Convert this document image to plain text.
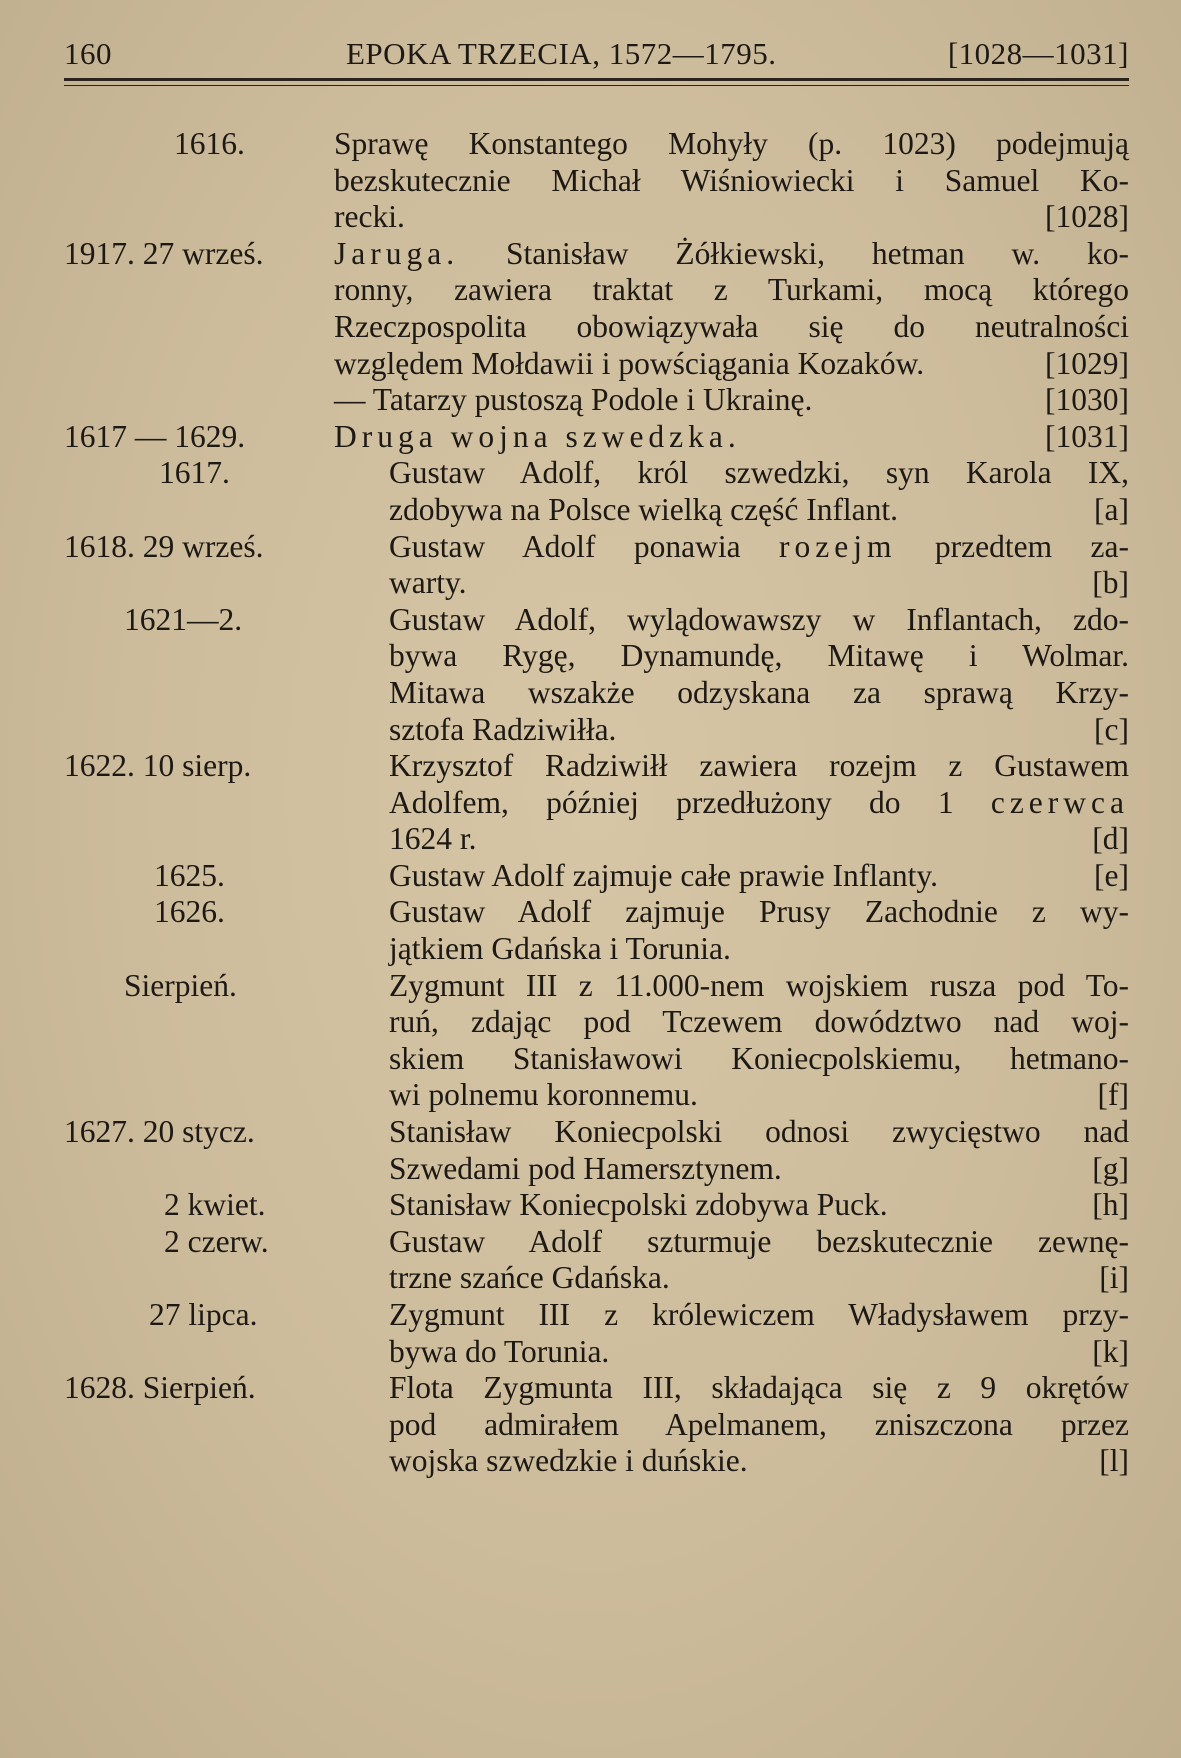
160	EPOKA TRZECIA, 1572—1795.	[1028—1031]
1616.	Sprawę Konstantego Mohyły (p. 1023) podejmują
bezskutecznie Michał Wiśniowiecki i Samuel Ko-
recki.	[1028]
1917. 27 wrześ.	Jaruga. Stanisław Żółkiewski, hetman w. ko-
ronny, zawiera traktat z Turkami, mocą którego
Rzeczpospolita obowiązywała się do neutralności
względem Mołdawii i powściągania Kozaków.	[1029]
— Tatarzy pustoszą Podole i Ukrainę.	[1030]
1617 — 1629.	Druga wojna szwedzka.	[1031]
1617.	Gustaw Adolf, król szwedzki, syn Karola IX,
zdobywa na Polsce wielką część Inflant.	[a]
1618. 29 wrześ.	Gustaw Adolf ponawia rozejm przedtem za-
warty.	[b]
1621—2.	Gustaw Adolf, wylądowawszy w Inflantach, zdo-
bywa Rygę, Dynamundę, Mitawę i Wolmar.
Mitawa wszakże odzyskana za sprawą Krzy-
sztofa Radziwiłła.	[c]
1622. 10 sierp.	Krzysztof Radziwiłł zawiera rozejm z Gustawem
Adolfem, później przedłużony do 1 czerwca
1624 r.	[d]
1625.	Gustaw Adolf zajmuje całe prawie Inflanty.	[e]
1626.	Gustaw Adolf zajmuje Prusy Zachodnie z wy-
jątkiem Gdańska i Torunia.
Sierpień.	Zygmunt III z 11.000-nem wojskiem rusza pod To-
ruń, zdając pod Tczewem dowództwo nad woj-
skiem Stanisławowi Koniecpolskiemu, hetmano-
wi polnemu koronnemu.	[f]
1627. 20 stycz.	Stanisław Koniecpolski odnosi zwycięstwo nad
Szwedami pod Hamersztynem.	[g]
2 kwiet.	Stanisław Koniecpolski zdobywa Puck.	[h]
2 czerw.	Gustaw Adolf szturmuje bezskutecznie zewnę-
trzne szańce Gdańska.	[i]
27 lipca.	Zygmunt III z królewiczem Władysławem przy-
bywa do Torunia.	[k]
1628. Sierpień.	Flota Zygmunta III, składająca się z 9 okrętów
pod admirałem Apelmanem, zniszczona przez
wojska szwedzkie i duńskie.	[l]
